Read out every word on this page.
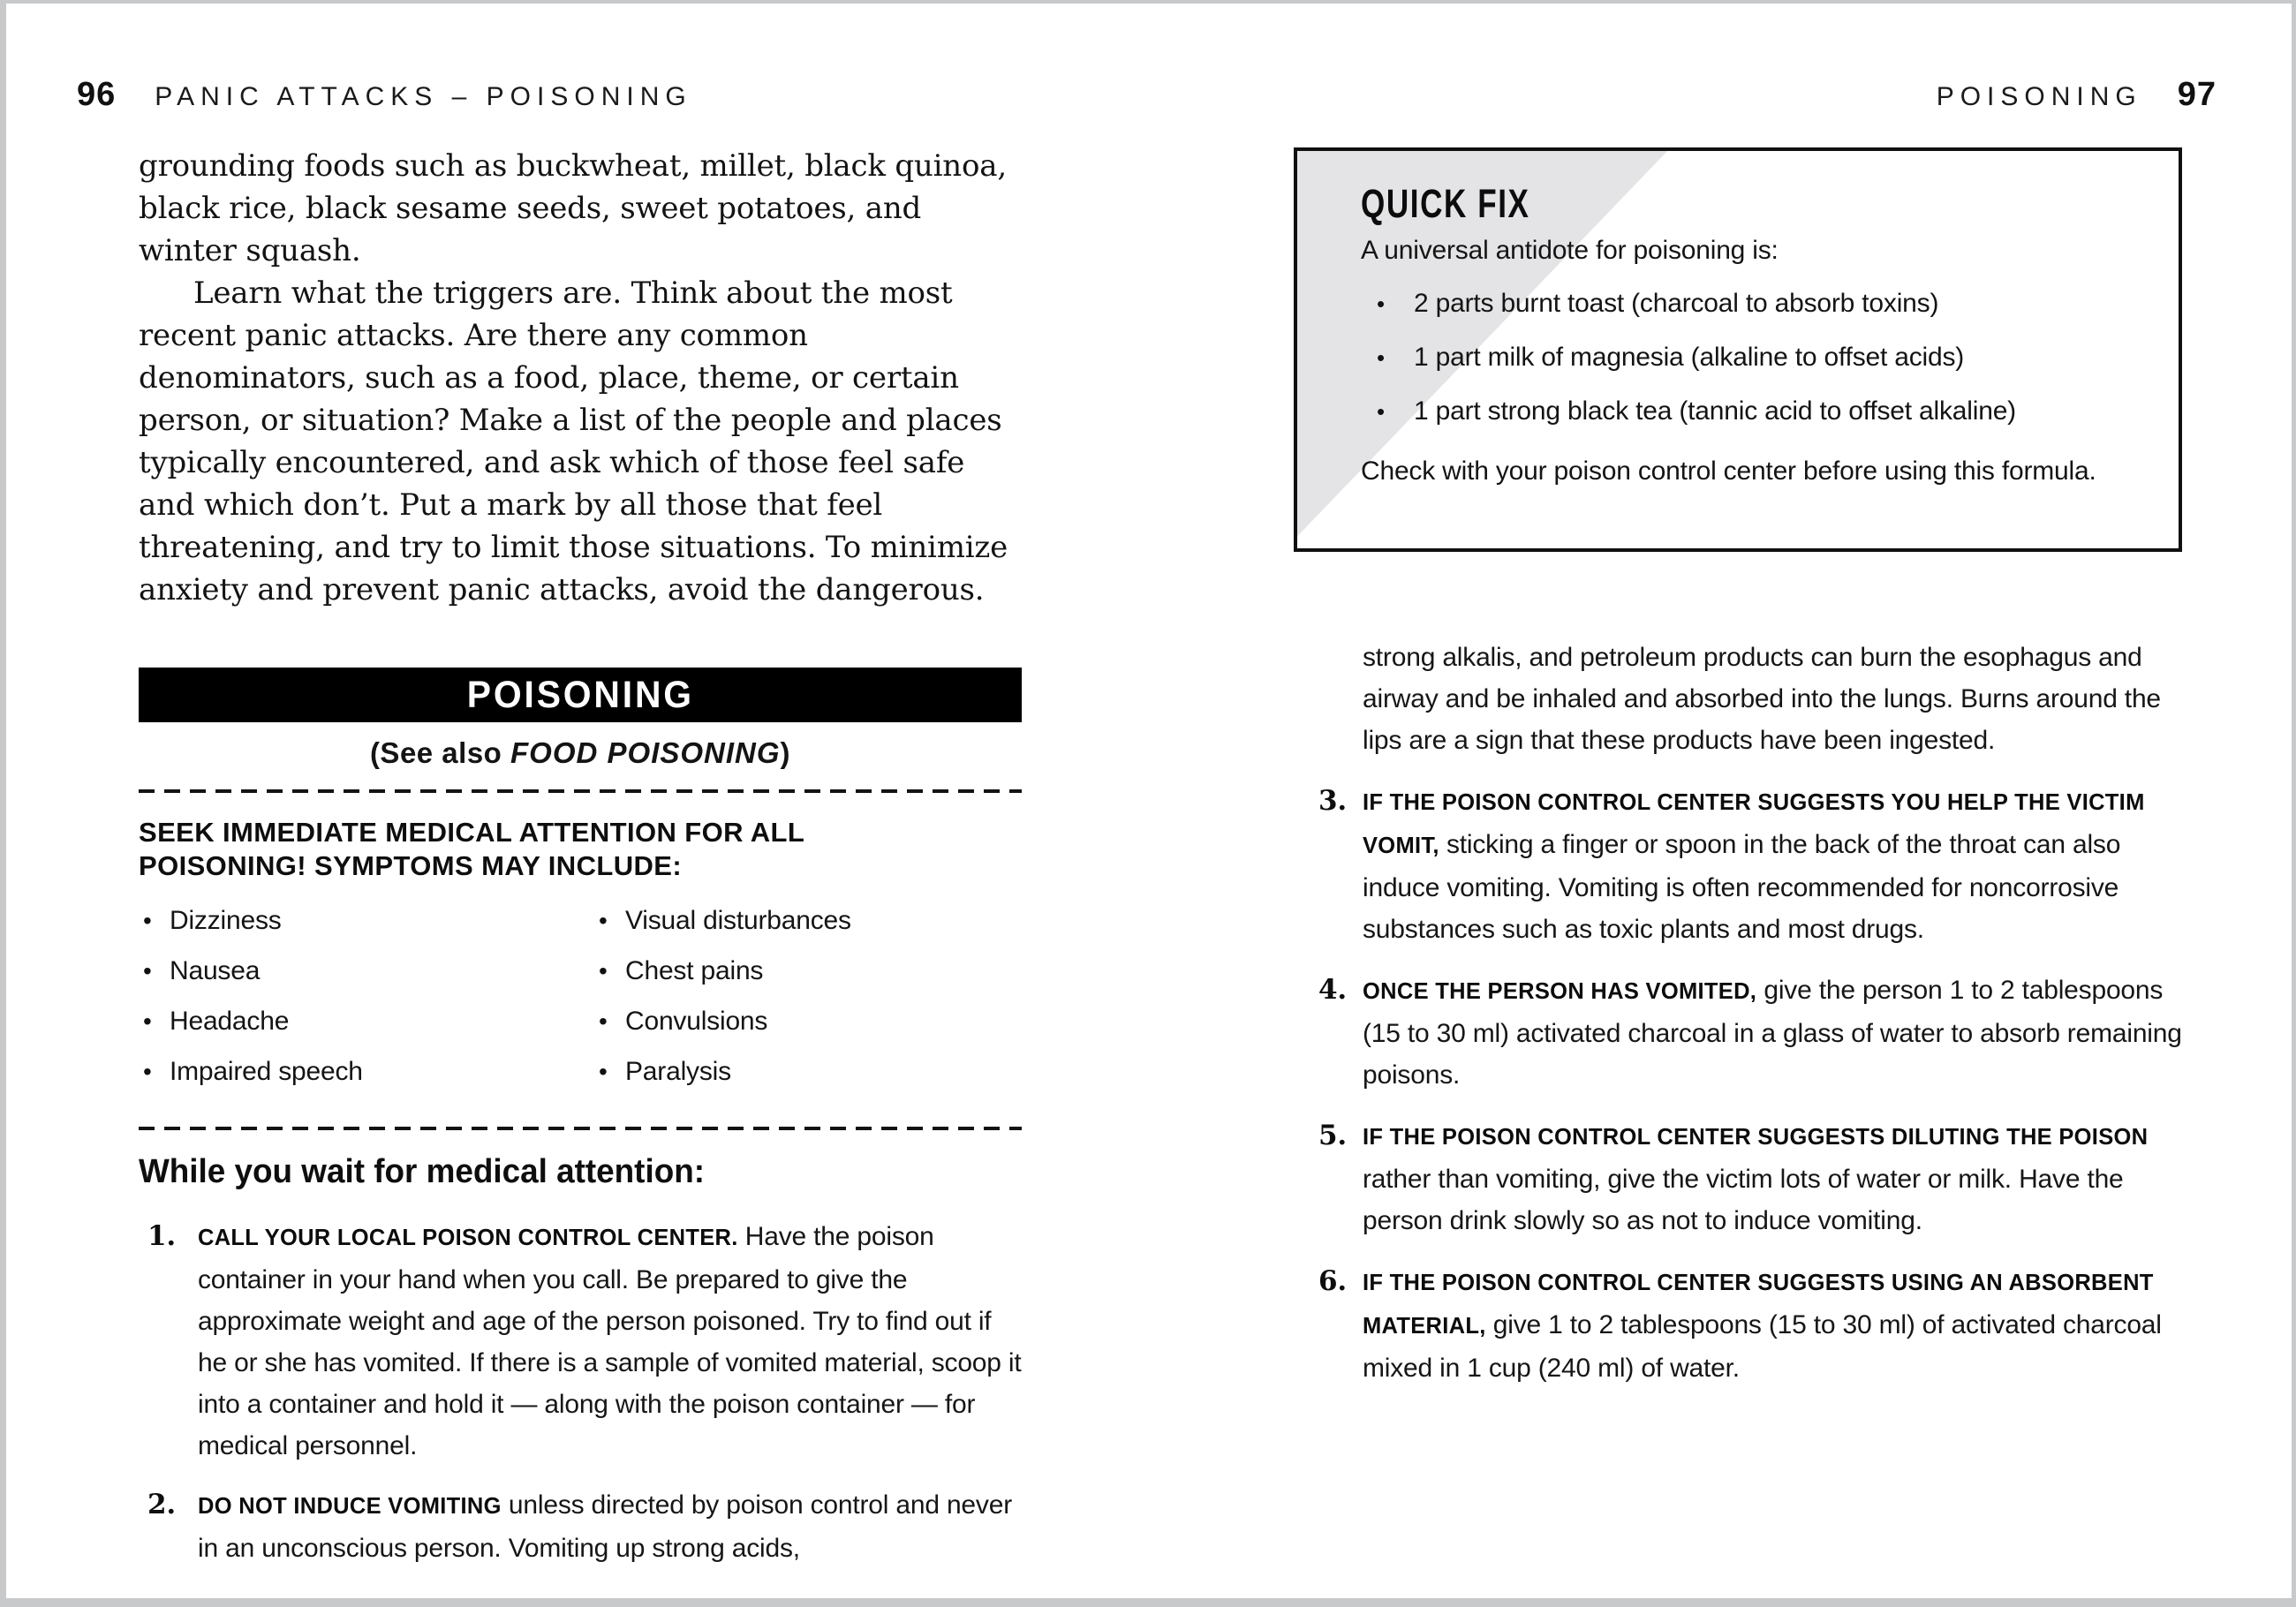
96 PANIC ATTACKS – POISONING	POISONING 97

grounding foods such as buckwheat, millet, black quinoa, black rice, black sesame seeds, sweet potatoes, and winter squash.

Learn what the triggers are. Think about the most recent panic attacks. Are there any common denominators, such as a food, place, theme, or certain person, or situation? Make a list of the people and places typically encountered, and ask which of those feel safe and which don’t. Put a mark by all those that feel threatening, and try to limit those situations. To minimize anxiety and prevent panic attacks, avoid the dangerous.

POISONING

(See also FOOD POISONING)

SEEK IMMEDIATE MEDICAL ATTENTION FOR ALL POISONING! SYMPTOMS MAY INCLUDE:
• Dizziness
• Nausea
• Headache
• Impaired speech
• Visual disturbances
• Chest pains
• Convulsions
• Paralysis
While you wait for medical attention:
1. CALL YOUR LOCAL POISON CONTROL CENTER. Have the poison container in your hand when you call. Be prepared to give the approximate weight and age of the person poisoned. Try to find out if he or she has vomited. If there is a sample of vomited material, scoop it into a container and hold it — along with the poison container — for medical personnel.
2. DO NOT INDUCE VOMITING unless directed by poison control and never in an unconscious person. Vomiting up strong acids,
QUICK FIX

A universal antidote for poisoning is:

•	2 parts burnt toast (charcoal to absorb toxins)
•	1 part milk of magnesia (alkaline to offset acids)
•	1 part strong black tea (tannic acid to offset alkaline)

Check with your poison control center before using this formula.

strong alkalis, and petroleum products can burn the esophagus and airway and be inhaled and absorbed into the lungs. Burns around the lips are a sign that these products have been ingested.

3. IF THE POISON CONTROL CENTER SUGGESTS YOU HELP THE VICTIM VOMIT, sticking a finger or spoon in the back of the throat can also induce vomiting. Vomiting is often recommended for noncorrosive substances such as toxic plants and most drugs.
4. ONCE THE PERSON HAS VOMITED, give the person 1 to 2 tablespoons (15 to 30 ml) activated charcoal in a glass of water to absorb remaining poisons.
5. IF THE POISON CONTROL CENTER SUGGESTS DILUTING THE POISON rather than vomiting, give the victim lots of water or milk. Have the person drink slowly so as not to induce vomiting.
6. IF THE POISON CONTROL CENTER SUGGESTS USING AN ABSORBENT MATERIAL, give 1 to 2 tablespoons (15 to 30 ml) of activated charcoal mixed in 1 cup (240 ml) of water.
